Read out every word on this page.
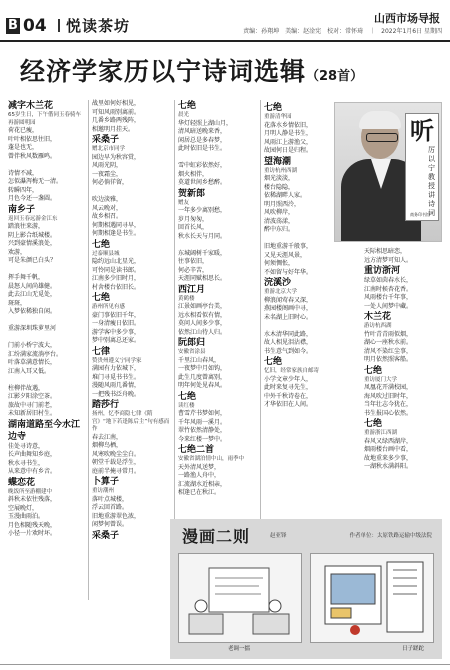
B 04 悦读茶坊	山西市场导报
责编：孙翔坤　美编：赵淦宪　校对：常怀琦　｜　2022年1月6日 星期四
经济学家历以宁诗词选辑（28首）
听
厉以宁教授讲诗词
商务印书馆

减字木兰花

65岁生日，下午偕同玉春骑车再游圆明园

荷花已瘦，

叶叶相依思往旧，

蓬是也无，

曾伴秋风数雁鸣。

诗情不减，

怎似瀑泻梅无一清。

转瞬四年，

月色今还一盏圆。

南乡子

返回玉春远游金江东

踏浪往来游，

阴上影合纸城楼。

兴到豪情溪浪处，

欢游，

可是朱颜已白头？

挥手舞千帆，

晨怒人间尚雄健。

此去江山无觅处，

斑斑，

入梦依稀独自闲。

重游深圳珠萝里河

门前小桥宁波大，

汇纷满家流淌亭台。

叶落草满意情长，

江南入耳又低。

柱柳伴故遇，

江影夕阳涂空茶。

旅故中寻门前老，

未知新居旧村生。

湖南道路至今水江边寺

佳处寻诗意，

长声曲舞知乡庭，

秋水寻书生，

从来意中有乡音。

蝶恋花

晚饭所至游棚建中

斜秋未依往残落，

空展晚灯，

玉漫曲雨泊。

月色相随残天晚，

小径一片欢时坏。

战里如何好相见，

可知风雨别离前。

几番乡路两残阵，

相邀明月挂天。

采桑子

赠北京市同学

园边早为秋容赏，

风雨光阴，

一夜霜尘，

何必倘徉留，

吹边淡雅，

风云晚对，

故乡相召。

何期相遇同寻早，

何期相逢是书生。

七绝

过泰顺县城

隐约远山北星光，

可怜同是读书郎。

江南多少旧时月，

村舍楼台依旧长。

七绝

游州所见有感

豪门事依旧千年，

一身清瘦日依旧。

游学客中多少事，

梦中别离总还家。

七律

赞贵州遵义宁同学家

满园有力依城下，

堆门寻觅书书生。

漫随风雨几番情，

一把残书泛舟晚。

踏莎行

扬州，忆李商隐七律《隋宫》“地下若逢陈后主”句有感而作

春去江南，

烟柳鸟栖，

风寒吹晚尘尘白。

朝堂千载是浮生，

庭前半掩寻常月。

卜算子

重访潮州

落叶点城楼，

浮云回首路。

旧地重游翠色浓，

闲梦何曾误。

采桑子

七绝

晨光

华灯轻照上湖山月，

清风暗送晚来香，

闲居总是多春梦，

此时依旧是书生。

雪中虹彩依然好，

烟火相伴，

莫道世间乡愁醉。

贺新郎

赠友

一年多少离别愁，

岁月匆匆，

回首长风，

秋水长天与月同。

东城阔树千家暖，

往事依旧，

何必辛苦，

天涯同赋相思长。

西江月

黄鹤楼

江景如画亭台美，

远水相看似有情，

莫问人间多少事，

依然江山待人归。

阮郎归

安徽省涂县

千里江山春风，

一夜梦中月如钩，

此生几度曾离别，

明年何处见春风。

七绝

读红楼

曹雪芹书梦如何，

千年风雨一溪月。

翠竹依然清静处，

今来红楼一梦中。

七绝二首

安徽省湖泊情中山，雨季中

天外清风送梦，

一路渔人舟中，

汇流湖水近相亲，

相逢已在秋江。

七绝

重游清华园

花落水乡情依旧，

月明人静是书生，

风雨江上游渔父，

故园何日是归程。

望海潮

重访杭州西湖

烟光淡淡，

楼台隐隐，

依稀湖畔人家。

明月照西泠，

风吹柳岸，

清波荡漾，

醉中东归。

旧地重游千般事，

又见天涯风景，

何须惆怅，

不如留与好年华。

浣溪沙

重游北京大学

柳浪闻莺春又深，

燕园楼阁画中寻，

未名湖上旧时心。

水木清华同此路，

故人相见泪沾襟，

书生意气到如今。

七绝

忆旧，经常家族自邮寄

小学文章少年人，

此时来复寻先生，

中外千秋诗卷在，

才华依旧在人间。

天际相思暗恋，

远方清梦可知人。

重访浙河

绿草如茵春水长，

江南时候杏花香。

风雨楼台千年事，

一处人间梦中藏。

木兰花

游访杭西湖

竹叶青青雨似烟，

湖心一座秋水前。

清风不染红尘事，

明月依然照客船。

七绝

重访厦门大学

凤凰花开满校园，

海风吹过旧时年，

当年壮志今犹在，

书生报国心依然。

七绝

重游浙江西湖

春风又绿西湖岸，

烟雨楼台画中看，

故地重来多少事，

一湖秋水满斜阳。

漫画二则	赵亚锋	作者单位：太原铁路运输中级法院
老调一擂	日子蹉跎
